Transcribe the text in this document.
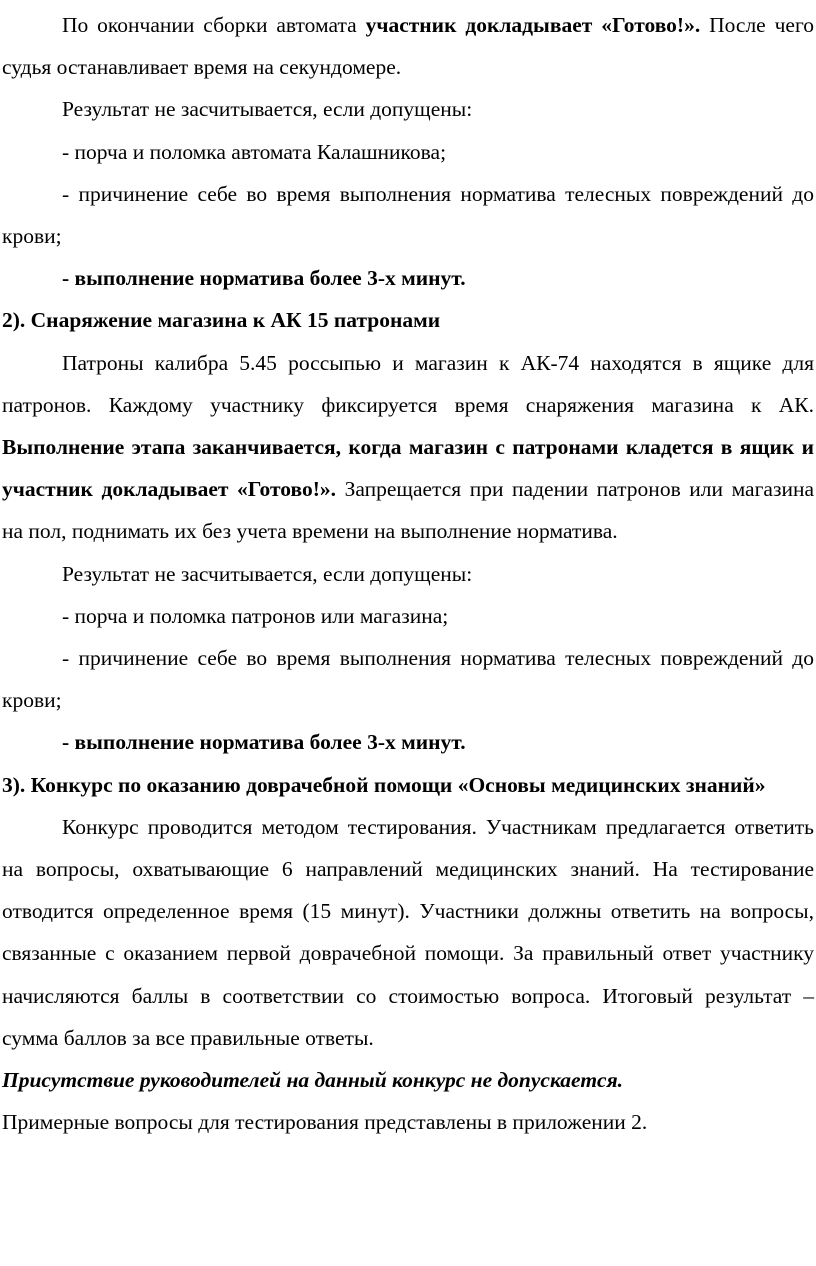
По окончании сборки автомата участник докладывает «Готово!». После чего судья останавливает время на секундомере.

Результат не засчитывается, если допущены:

- порча и поломка автомата Калашникова;

- причинение себе во время выполнения норматива телесных повреждений до крови;

- выполнение норматива более 3-х минут.

2). Снаряжение магазина к АК 15 патронами

Патроны калибра 5.45 россыпью и магазин к АК-74 находятся в ящике для патронов. Каждому участнику фиксируется время снаряжения магазина к АК. Выполнение этапа заканчивается, когда магазин с патронами кладется в ящик и участник докладывает «Готово!». Запрещается при падении патронов или магазина на пол, поднимать их без учета времени на выполнение норматива.

Результат не засчитывается, если допущены:

- порча и поломка патронов или магазина;

- причинение себе во время выполнения норматива телесных повреждений до крови;

- выполнение норматива более 3-х минут.

3). Конкурс по оказанию доврачебной помощи «Основы медицинских знаний»

Конкурс проводится методом тестирования. Участникам предлагается ответить на вопросы, охватывающие 6 направлений медицинских знаний. На тестирование отводится определенное время (15 минут). Участники должны ответить на вопросы, связанные с оказанием первой доврачебной помощи. За правильный ответ участнику начисляются баллы в соответствии со стоимостью вопроса. Итоговый результат – сумма баллов за все правильные ответы.

Присутствие руководителей на данный конкурс не допускается.

Примерные вопросы для тестирования представлены в приложении 2.
